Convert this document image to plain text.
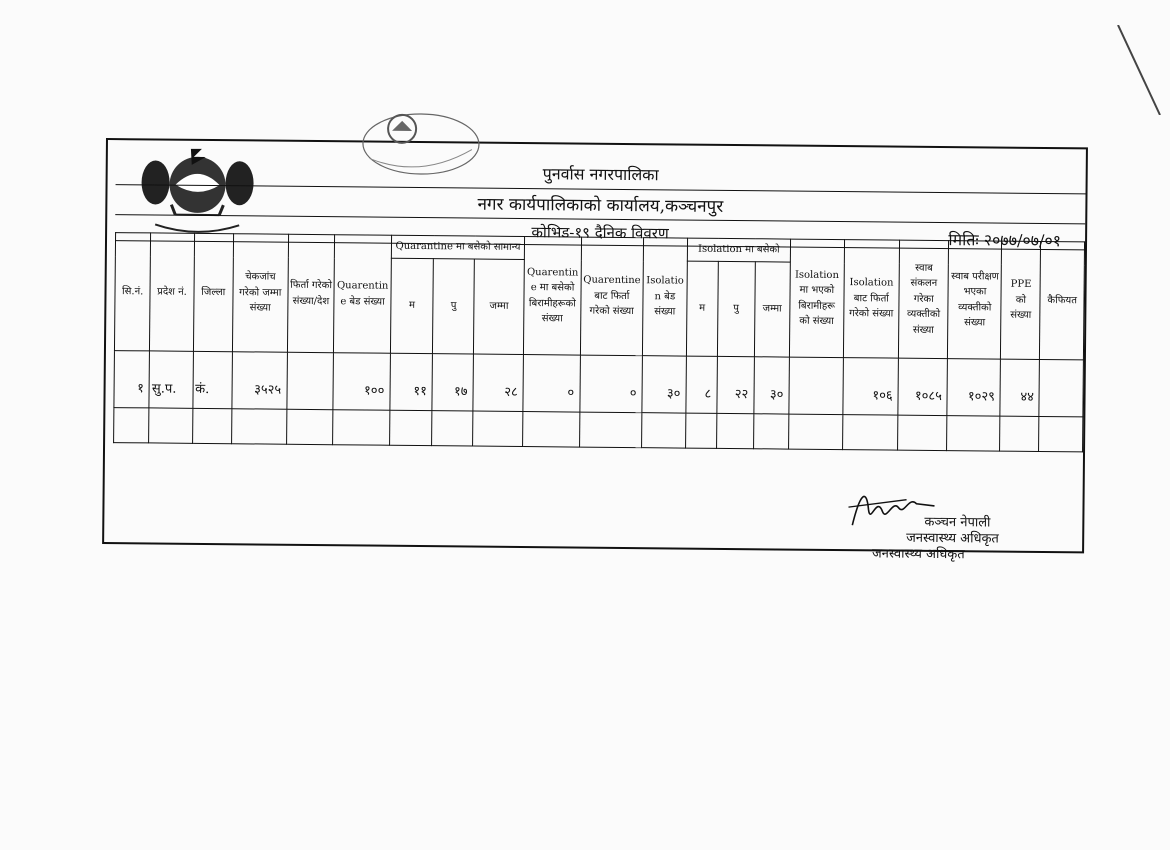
पुनर्वास नगरपालिका
नगर कार्यपालिकाको कार्यालय,कञ्चनपुर
कोभिड-१९ दैनिक विवरण	मितिः २०७७/०७/०१
सि.नं.	प्रदेश नं.	जिल्ला	चेकजांच गरेको जम्मा संख्या	फिर्ता गरेको संख्या/देश	Quarentin e बेड संख्या	Quarantine मा बसेको सामान्य			Quarentin e मा बसेको बिरामीहरूको संख्या	Quarentine बाट फिर्ता गरेको संख्या	Isolatio n बेड संख्या	Isolation मा बसेको			Isolation मा भएको बिरामीहरू को संख्या	Isolation बाट फिर्ता गरेको संख्या	स्वाब संकलन गरेका व्यक्तीको संख्या	स्वाब परीक्षण भएका व्यक्तीको संख्या	PPE को संख्या	कैफियत
						म	पु	जम्मा				म	पु	जम्मा						
१	सु.प.	कं.	३५२५		१००	११	१७	२८	०	०	३०	८	२२	३०		१०६	१०८५	१०२९	४४	

कञ्चन नेपाली
जनस्वास्थ्य अधिकृत
जनस्वास्थ्य अधिकृत
